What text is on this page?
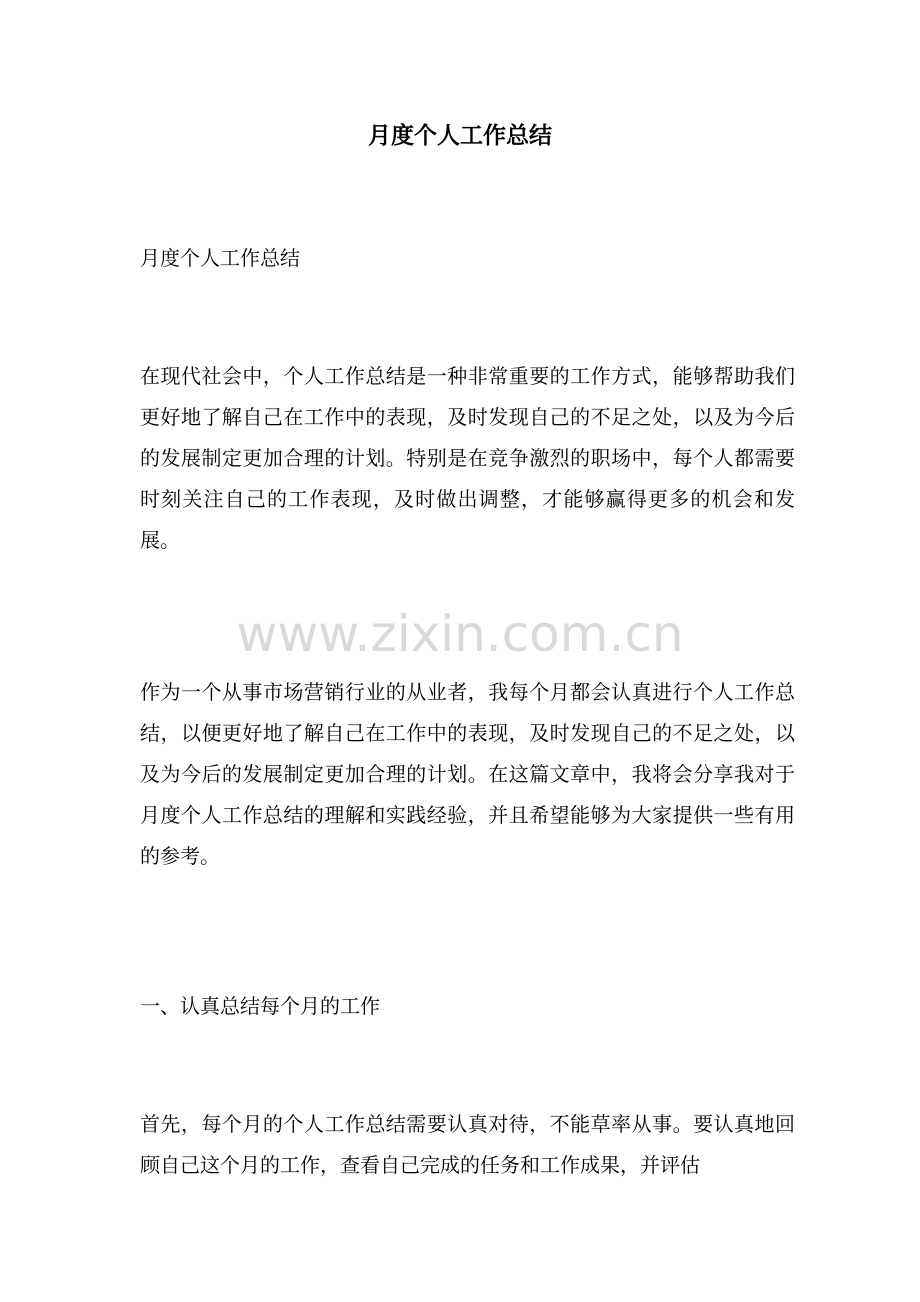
月度个人工作总结
www.zixin.com.cn

月度个人工作总结

在现代社会中，个人工作总结是一种非常重要的工作方式，能够帮助我们更好地了解自己在工作中的表现，及时发现自己的不足之处，以及为今后的发展制定更加合理的计划。特别是在竞争激烈的职场中，每个人都需要时刻关注自己的工作表现，及时做出调整，才能够赢得更多的机会和发展。

作为一个从事市场营销行业的从业者，我每个月都会认真进行个人工作总结，以便更好地了解自己在工作中的表现，及时发现自己的不足之处，以及为今后的发展制定更加合理的计划。在这篇文章中，我将会分享我对于月度个人工作总结的理解和实践经验，并且希望能够为大家提供一些有用的参考。

一、认真总结每个月的工作

首先，每个月的个人工作总结需要认真对待，不能草率从事。要认真地回顾自己这个月的工作，查看自己完成的任务和工作成果，并评估
